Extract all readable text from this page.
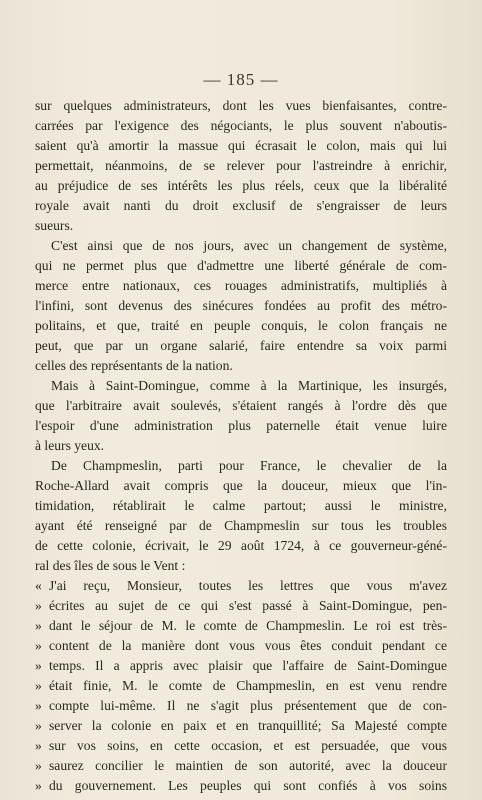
— 185 —
sur quelques administrateurs, dont les vues bienfaisantes, contre-
carrées par l'exigence des négociants, le plus souvent n'aboutis-
saient qu'à amortir la massue qui écrasait le colon, mais qui lui
permettait, néanmoins, de se relever pour l'astreindre à enrichir,
au préjudice de ses intérêts les plus réels, ceux que la libéralité
royale avait nanti du droit exclusif de s'engraisser de leurs
sueurs.
C'est ainsi que de nos jours, avec un changement de système,
qui ne permet plus que d'admettre une liberté générale de com-
merce entre nationaux, ces rouages administratifs, multipliés à
l'infini, sont devenus des sinécures fondées au profit des métro-
politains, et que, traité en peuple conquis, le colon français ne
peut, que par un organe salarié, faire entendre sa voix parmi
celles des représentants de la nation.
Mais à Saint-Domingue, comme à la Martinique, les insurgés,
que l'arbitraire avait soulevés, s'étaient rangés à l'ordre dès que
l'espoir d'une administration plus paternelle était venue luire
à leurs yeux.
De Champmeslin, parti pour France, le chevalier de la
Roche-Allard avait compris que la douceur, mieux que l'in-
timidation, rétablirait le calme partout; aussi le ministre,
ayant été renseigné par de Champmeslin sur tous les troubles
de cette colonie, écrivait, le 29 août 1724, à ce gouverneur-géné-
ral des îles de sous le Vent :
« J'ai reçu, Monsieur, toutes les lettres que vous m'avez
» écrites au sujet de ce qui s'est passé à Saint-Domingue, pen-
» dant le séjour de M. le comte de Champmeslin. Le roi est très-
» content de la manière dont vous vous êtes conduit pendant ce
» temps. Il a appris avec plaisir que l'affaire de Saint-Domingue
» était finie, M. le comte de Champmeslin, en est venu rendre
» compte lui-même. Il ne s'agit plus présentement que de con-
» server la colonie en paix et en tranquillité; Sa Majesté compte
» sur vos soins, en cette occasion, et est persuadée, que vous
» saurez concilier le maintien de son autorité, avec la douceur
» du gouvernement. Les peuples qui sont confiés à vos soins
